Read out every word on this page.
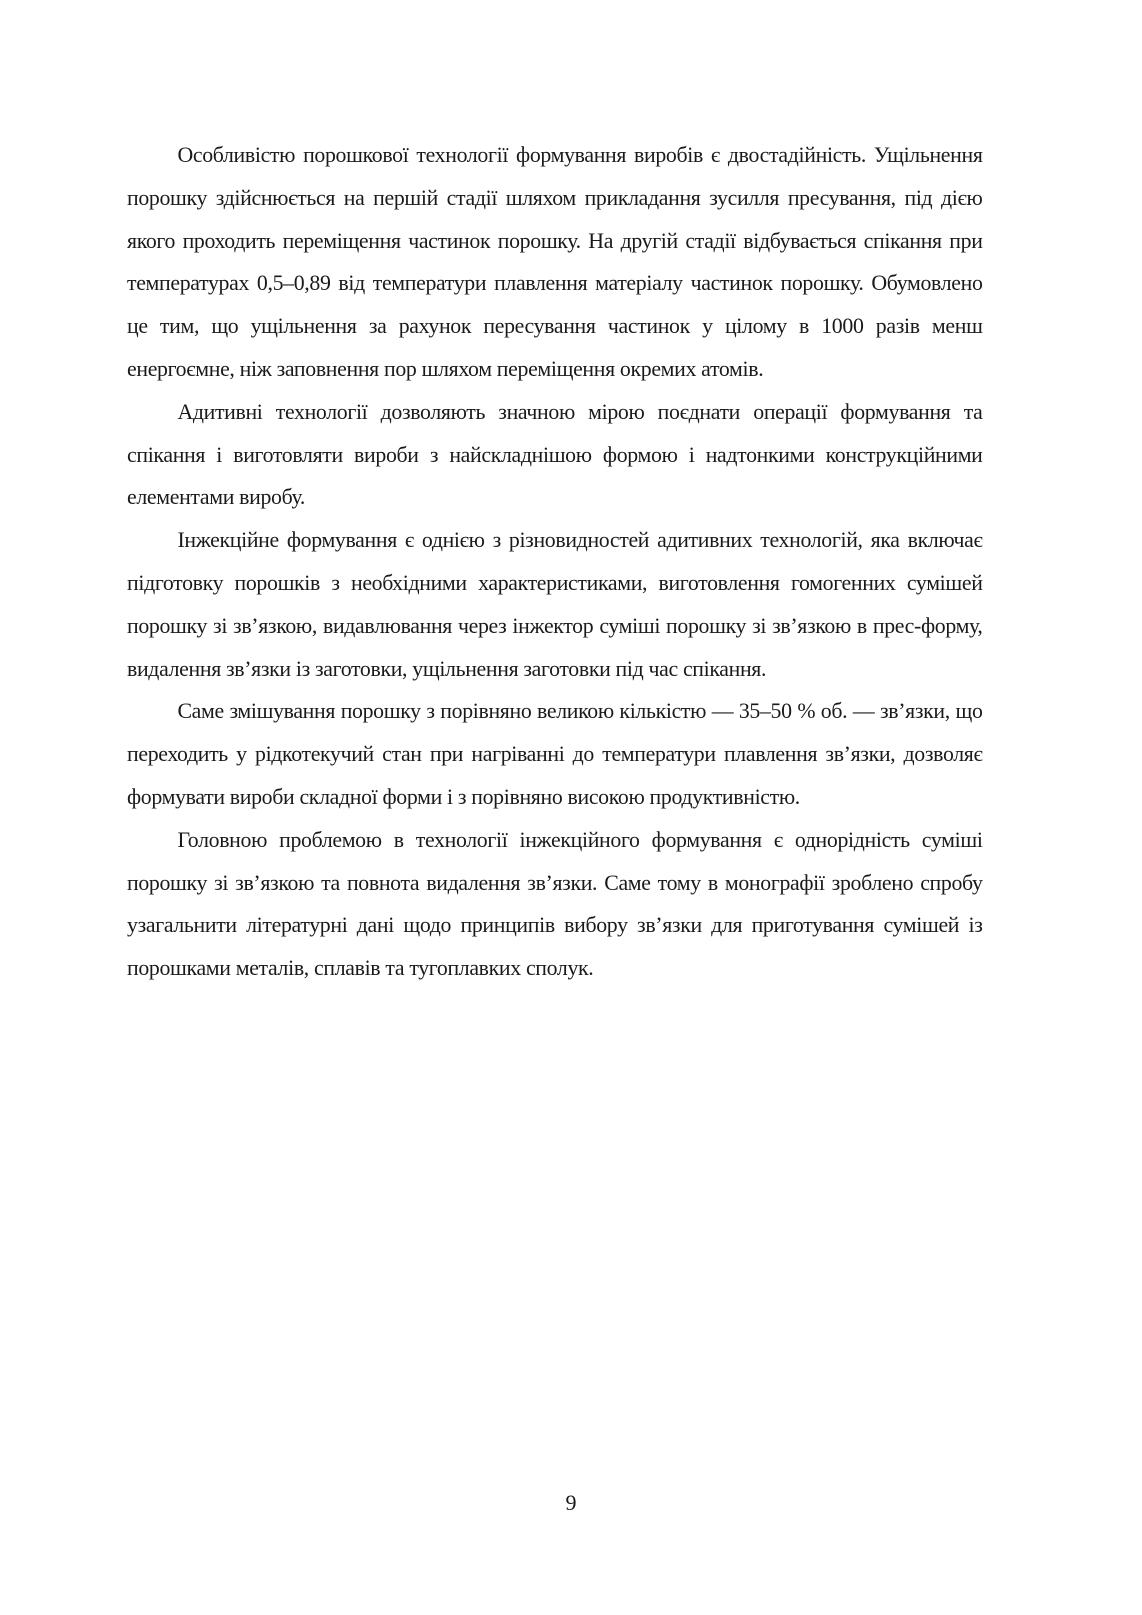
Особливістю порошкової технології формування виробів є двостадійність. Ущільнення порошку здійснюється на першій стадії шляхом прикладання зусилля пресування, під дією якого проходить переміщення частинок порошку. На другій стадії відбувається спікання при температурах 0,5–0,89 від температури плавлення матеріалу частинок порошку. Обумовлено це тим, що ущільнення за рахунок пересування частинок у цілому в 1000 разів менш енергоємне, ніж заповнення пор шляхом переміщення окремих атомів.

Адитивні технології дозволяють значною мірою поєднати операції формування та спікання і виготовляти вироби з найскладнішою формою і надтонкими конструкційними елементами виробу.

Інжекційне формування є однією з різновидностей адитивних технологій, яка включає підготовку порошків з необхідними характеристиками, виготовлення гомогенних сумішей порошку зі зв’язкою, видавлювання через інжектор суміші порошку зі зв’язкою в прес-форму, видалення зв’язки із заготовки, ущільнення заготовки під час спікання.

Саме змішування порошку з порівняно великою кількістю — 35–50 % об. — зв’язки, що переходить у рідкотекучий стан при нагріванні до температури плавлення зв’язки, дозволяє формувати вироби складної форми і з порівняно високою продуктивністю.

Головною проблемою в технології інжекційного формування є однорідність суміші порошку зі зв’язкою та повнота видалення зв’язки. Саме тому в монографії зроблено спробу узагальнити літературні дані щодо принципів вибору зв’язки для приготування сумішей із порошками металів, сплавів та тугоплавких сполук.

9
